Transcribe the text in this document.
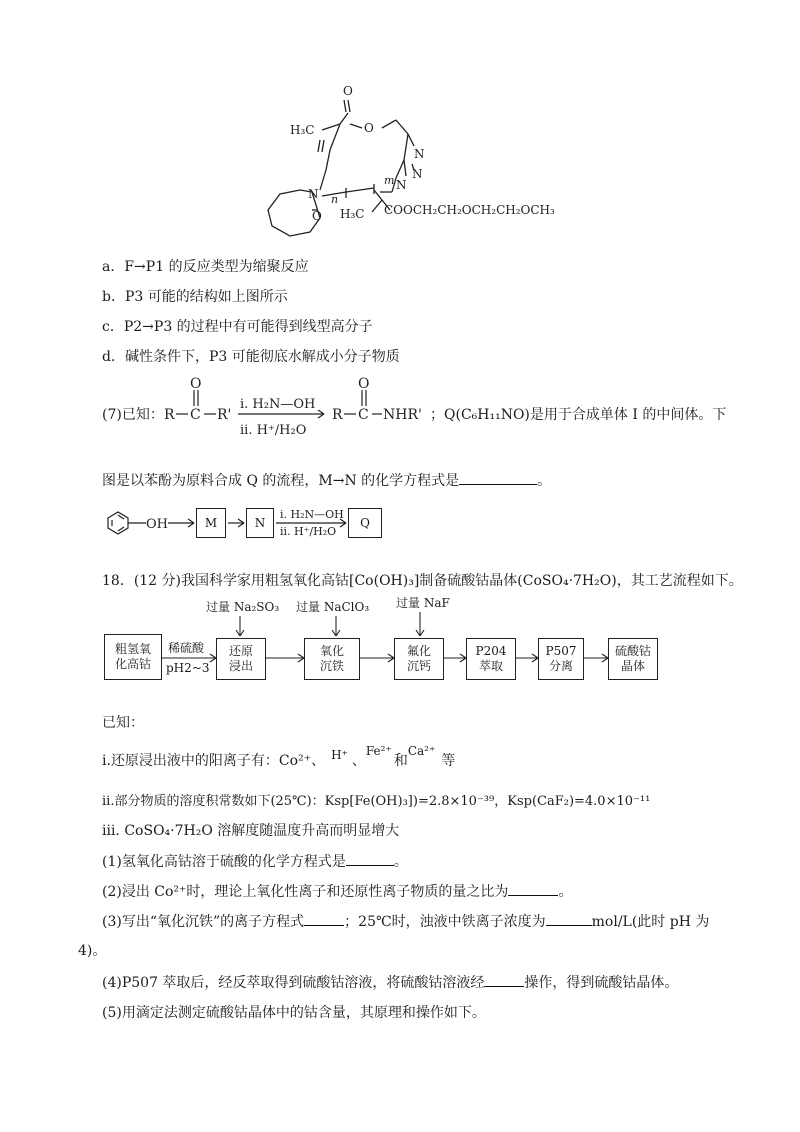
H₃C
O
O
N
N
N
N
O
n
m
H₃C COOCH₂CH₂OCH₂CH₂OCH₃
a．F→P1 的反应类型为缩聚反应
b．P3 可能的结构如上图所示
c．P2→P3 的过程中有可能得到线型高分子
d．碱性条件下，P3 可能彻底水解成小分子物质
(7)已知：
O
R C R'
i. H₂N—OH
ii. H⁺/H₂O
O
R C NHR' ；Q(C₆H₁₁NO)是用于合成单体 I 的中间体。下
图是以苯酚为原料合成 Q 的流程，M→N 的化学方程式是	。
OH
i. H₂N—OH
ii. H⁺/H₂O
M	N	Q
18．(12 分)我国科学家用粗氢氧化高钴[Co(OH)₃]制备硫酸钴晶体(CoSO₄·7H₂O)，其工艺流程如下。
过量 Na₂SO₃ 过量 NaClO₃ 过量 NaF
稀硫酸
pH2~3
粗氢氧
化高钴
还原
浸出
氧化
沉铁
氟化
沉钙
P204
萃取
P507
分离
硫酸钴
晶体
已知：
ⅰ.还原浸出液中的阳离子有：Co²⁺、 H⁺ 、Fe²⁺和Ca²⁺等
ⅱ.部分物质的溶度积常数如下(25℃)：Ksp[Fe(OH)₃])=2.8×10⁻³⁹，Ksp(CaF₂)=4.0×10⁻¹¹
ⅲ. CoSO₄·7H₂O 溶解度随温度升高而明显增大
(1)氢氧化高钴溶于硫酸的化学方程式是	。
(2)浸出 Co²⁺时，理论上氧化性离子和还原性离子物质的量之比为	。
(3)写出“氧化沉铁”的离子方程式	；25℃时，浊液中铁离子浓度为	mol/L(此时 pH 为
4)。
(4)P507 萃取后，经反萃取得到硫酸钴溶液，将硫酸钴溶液经	操作，得到硫酸钴晶体。
(5)用滴定法测定硫酸钴晶体中的钴含量，其原理和操作如下。
